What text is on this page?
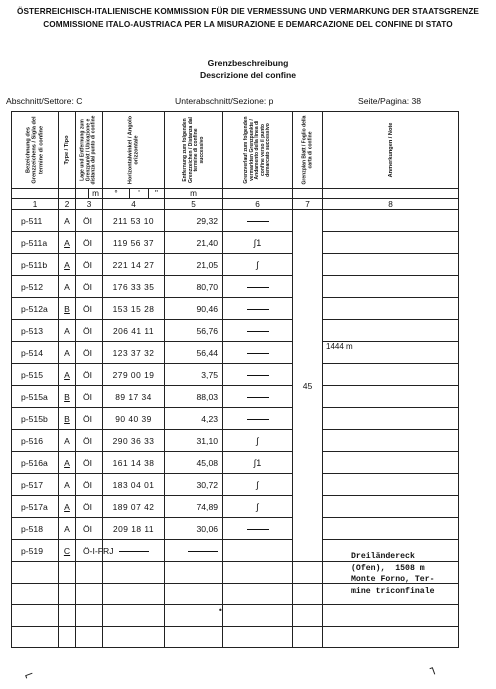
ÖSTERREICHISCH-ITALIENISCHE KOMMISSION FÜR DIE VERMESSUNG UND VERMARKUNG DER STAATSGRENZE
COMMISSIONE ITALO-AUSTRIACA PER LA MISURAZIONE E DEMARCAZIONE DEL CONFINE DI STATO
Grenzbeschreibung
Descrizione del confine
Abschnitt/Settore: C	Unterabschnitt/Sezione: p	Seite/Pagina: 38
Bezeichnung des Grenzzeichens / Sigla del termine di confine	Type / Tipo	Lage und Entfernung zum Grenzpunkt / Ubicazione e distanza dal punto di confine		Horizontalwinkel / Angolo orizzontale			Entfernung zum folgenden Grenzzeichen / Distanza dal termine di confine successivo	Grenzverlauf zum folgenden vermarkten Grenzpunkte / Andamento della linea di confine verso il punto demarcato successivo	Grenzplan Blatt / Foglio della carta di confine	Anmerkungen / Note

			m	°	'	"	m			
1	2	3		4			5	6	7	8
p-511	A	ÖI		211 53 10			29,32		45	
p-511a	A	ÖI		119 56 37			21,40	∫1		
p-511b	A	ÖI		221 14 27			21,05	∫		
p-512	A	ÖI		176 33 35			80,70			
p-512a	B	ÖI		153 15 28			90,46			
p-513	A	ÖI		206 41 11			56,76			
p-514	A	ÖI		123 37 32			56,44			1444 m
p-515	A	ÖI		279 00 19			3,75			
p-515a	B	ÖI		89 17 34			88,03			
p-515b	B	ÖI		90 40 39			4,23			
p-516	A	ÖI		290 36 33			31,10	∫		
p-516a	A	ÖI		161 14 38			45,08	∫1		
p-517	A	ÖI		183 04 01			30,72	∫		
p-517a	A	ÖI		189 07 42			74,89	∫		
p-518	A	ÖI		209 18 11			30,06			
p-519	C	Ö-I-FRJ								

Dreiländereck
(Ofen),  1508 m
Monte Forno, Ter-
mine triconfinale
⌐	⌐
•
